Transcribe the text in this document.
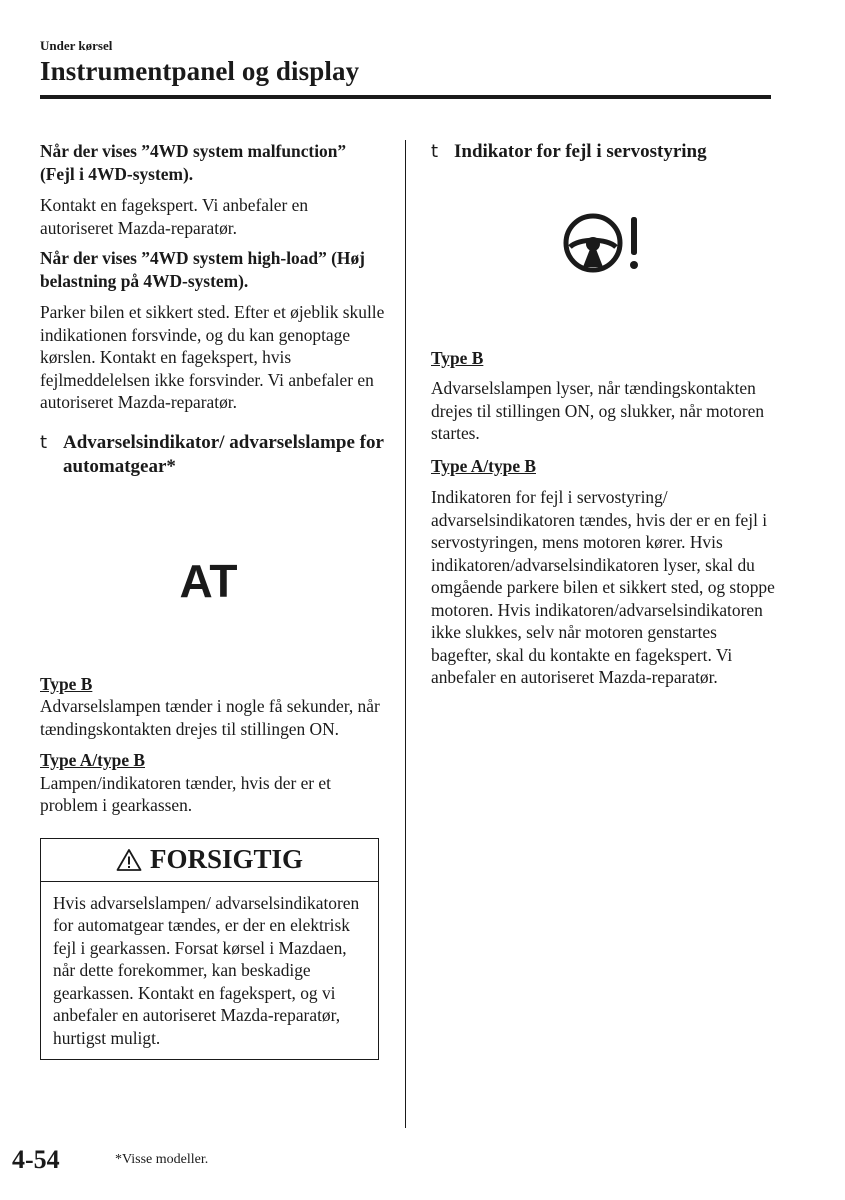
Under kørsel
Instrumentpanel og display

Når der vises ”4WD system malfunction” (Fejl i 4WD-system).

Kontakt en fagekspert. Vi anbefaler en autoriseret Mazda-reparatør.

Når der vises ”4WD system high-load” (Høj belastning på 4WD-system).

Parker bilen et sikkert sted. Efter et øjeblik skulle indikationen forsvinde, og du kan genoptage kørslen. Kontakt en fagekspert, hvis fejlmeddelelsen ikke forsvinder. Vi anbefaler en autoriseret Mazda-reparatør.

t Advarselsindikator/ advarselslampe for automatgear*
AT

Type B

Advarselslampen tænder i nogle få sekunder, når tændingskontakten drejes til stillingen ON.

Type A/type B

Lampen/indikatoren tænder, hvis der er et problem i gearkassen.

FORSIGTIG
Hvis advarselslampen/ advarselsindikatoren for automatgear tændes, er der en elektrisk fejl i gearkassen. Forsat kørsel i Mazdaen, når dette forekommer, kan beskadige gearkassen. Kontakt en fagekspert, og vi anbefaler en autoriseret Mazda-reparatør, hurtigst muligt.
t Indikator for fejl i servostyring

Type B

Advarselslampen lyser, når tændingskontakten drejes til stillingen ON, og slukker, når motoren startes.

Type A/type B

Indikatoren for fejl i servostyring/ advarselsindikatoren tændes, hvis der er en fejl i servostyringen, mens motoren kører. Hvis indikatoren/advarselsindikatoren lyser, skal du omgående parkere bilen et sikkert sted, og stoppe motoren. Hvis indikatoren/advarselsindikatoren ikke slukkes, selv når motoren genstartes bagefter, skal du kontakte en fagekspert. Vi anbefaler en autoriseret Mazda-reparatør.

4-54	*Visse modeller.
